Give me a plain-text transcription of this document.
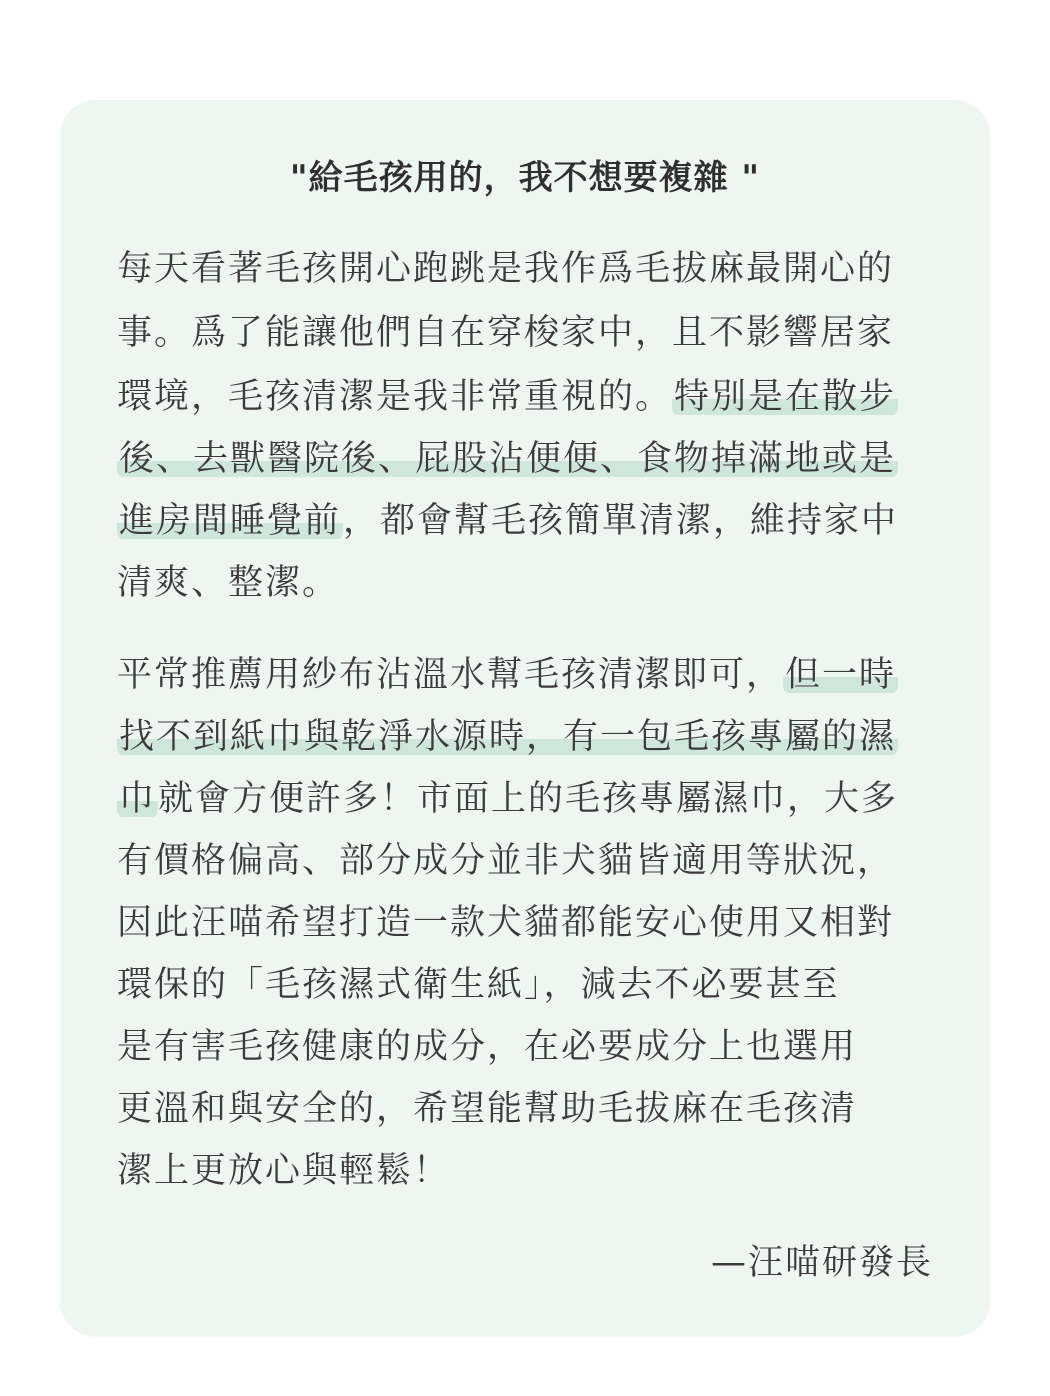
"給毛孩用的，我不想要複雜 "
每天看著毛孩開心跑跳是我作爲毛拔麻最開心的
事。爲了能讓他們自在穿梭家中，且不影響居家
環境，毛孩清潔是我非常重視的。特別是在散步
後、去獸醫院後、屁股沾便便、食物掉滿地或是
進房間睡覺前，都會幫毛孩簡單清潔，維持家中
清爽、整潔。
平常推薦用紗布沾溫水幫毛孩清潔即可，但一時
找不到紙巾與乾淨水源時，有一包毛孩專屬的濕
巾就會方便許多！市面上的毛孩專屬濕巾，大多
有價格偏高、部分成分並非犬貓皆適用等狀況，
因此汪喵希望打造一款犬貓都能安心使用又相對
環保的「毛孩濕式衛生紙」，減去不必要甚至
是有害毛孩健康的成分，在必要成分上也選用
更溫和與安全的，希望能幫助毛拔麻在毛孩清
潔上更放心與輕鬆！
—汪喵研發長
